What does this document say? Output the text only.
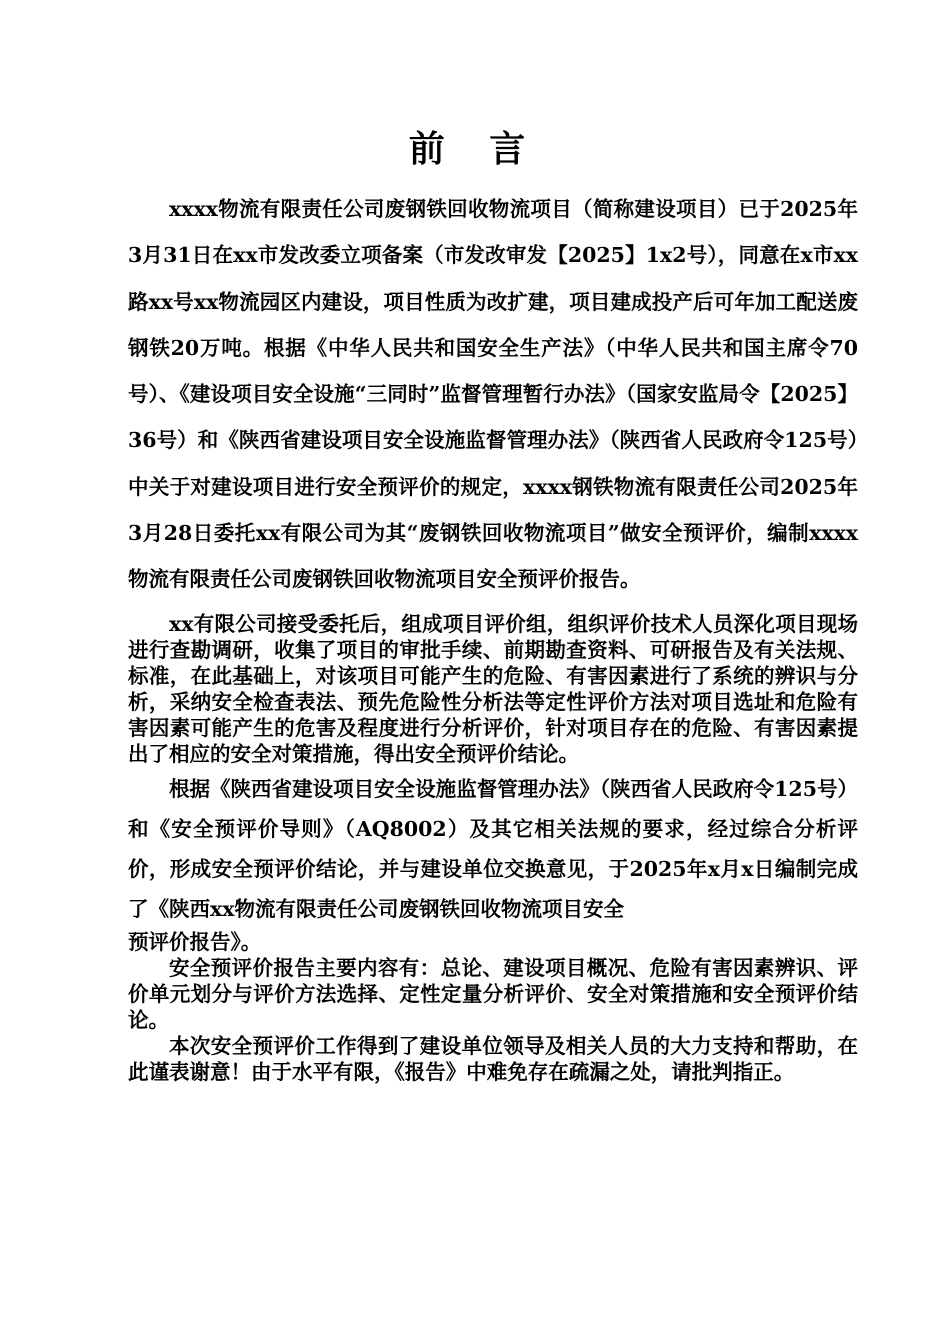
前 言

xxxx物流有限责任公司废钢铁回收物流项目（简称建设项目）已于2025年3月31日在xx市发改委立项备案（市发改审发【2025】1x2号），同意在x市xx路xx号xx物流园区内建设，项目性质为改扩建，项目建成投产后可年加工配送废钢铁20万吨。根据《中华人民共和国安全生产法》（中华人民共和国主席令70号）、《建设项目安全设施“三同时”监督管理暂行办法》（国家安监局令【2025】36号）和《陕西省建设项目安全设施监督管理办法》（陕西省人民政府令125号）中关于对建设项目进行安全预评价的规定，xxxx钢铁物流有限责任公司2025年3月28日委托xx有限公司为其“废钢铁回收物流项目”做安全预评价，编制xxxx物流有限责任公司废钢铁回收物流项目安全预评价报告。

xx有限公司接受委托后，组成项目评价组，组织评价技术人员深化项目现场进行查勘调研，收集了项目的审批手续、前期勘查资料、可研报告及有关法规、标准，在此基础上，对该项目可能产生的危险、有害因素进行了系统的辨识与分析，采纳安全检查表法、预先危险性分析法等定性评价方法对项目选址和危险有害因素可能产生的危害及程度进行分析评价，针对项目存在的危险、有害因素提出了相应的安全对策措施，得出安全预评价结论。

根据《陕西省建设项目安全设施监督管理办法》（陕西省人民政府令125号）和《安全预评价导则》（AQ8002）及其它相关法规的要求，经过综合分析评价，形成安全预评价结论，并与建设单位交换意见，于2025年x月x日编制完成了《陕西xx物流有限责任公司废钢铁回收物流项目安全

预评价报告》。

安全预评价报告主要内容有：总论、建设项目概况、危险有害因素辨识、评价单元划分与评价方法选择、定性定量分析评价、安全对策措施和安全预评价结论。

本次安全预评价工作得到了建设单位领导及相关人员的大力支持和帮助，在此谨表谢意！由于水平有限，《报告》中难免存在疏漏之处，请批判指正。
